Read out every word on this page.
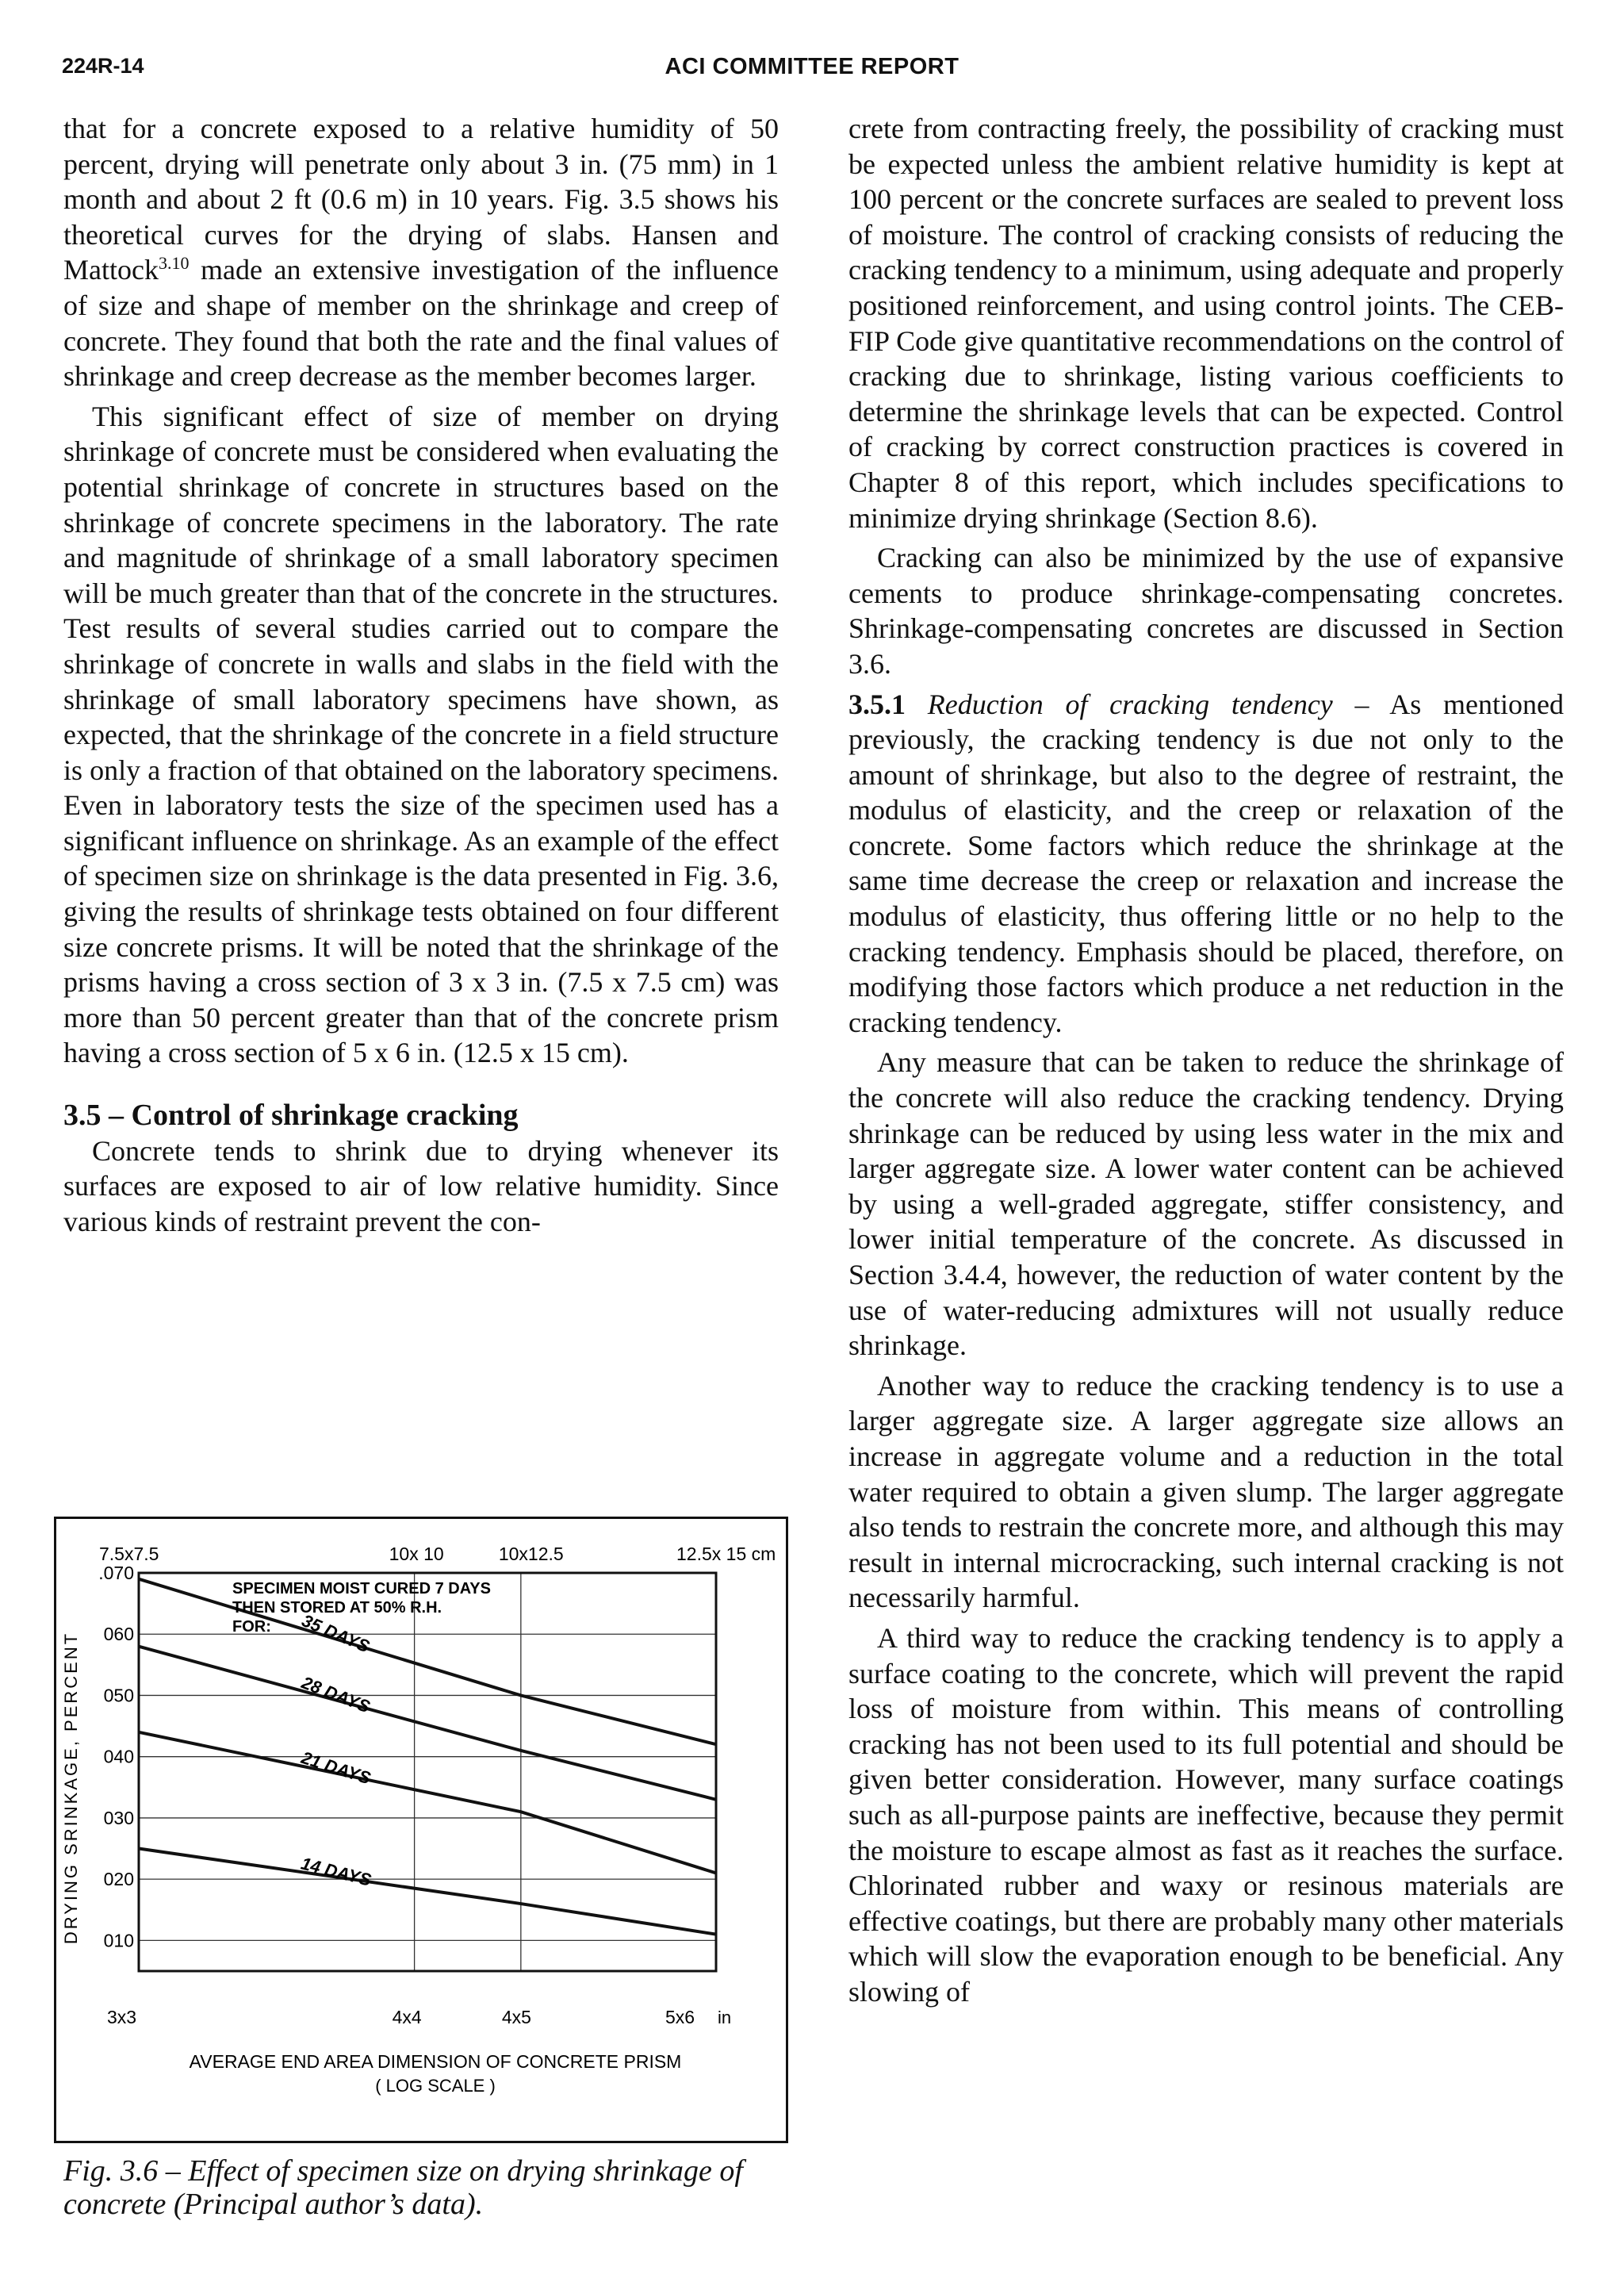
224R-14	ACI COMMITTEE REPORT

that for a concrete exposed to a relative humidity of 50 percent, drying will penetrate only about 3 in. (75 mm) in 1 month and about 2 ft (0.6 m) in 10 years. Fig. 3.5 shows his theoretical curves for the drying of slabs. Hansen and Mattock$^{3.10}$ made an extensive investigation of the influence of size and shape of member on the shrinkage and creep of concrete. They found that both the rate and the final values of shrinkage and creep decrease as the member becomes larger.

This significant effect of size of member on drying shrinkage of concrete must be considered when evaluating the potential shrinkage of concrete in structures based on the shrinkage of concrete specimens in the laboratory. The rate and magnitude of shrinkage of a small laboratory specimen will be much greater than that of the concrete in the structures. Test results of several studies carried out to compare the shrinkage of concrete in walls and slabs in the field with the shrinkage of small laboratory specimens have shown, as expected, that the shrinkage of the concrete in a field structure is only a fraction of that obtained on the laboratory specimens. Even in laboratory tests the size of the specimen used has a significant influence on shrinkage. As an example of the effect of specimen size on shrinkage is the data presented in Fig. 3.6, giving the results of shrinkage tests obtained on four different size concrete prisms. It will be noted that the shrinkage of the prisms having a cross section of 3 x 3 in. (7.5 x 7.5 cm) was more than 50 percent greater than that of the concrete prism having a cross section of 5 x 6 in. (12.5 x 15 cm).

3.5 – Control of shrinkage cracking

Concrete tends to shrink due to drying whenever its surfaces are exposed to air of low relative humidity. Since various kinds of restraint prevent the con-

crete from contracting freely, the possibility of cracking must be expected unless the ambient relative humidity is kept at 100 percent or the concrete surfaces are sealed to prevent loss of moisture. The control of cracking consists of reducing the cracking tendency to a minimum, using adequate and properly positioned reinforcement, and using control joints. The CEB-FIP Code give quantitative recommendations on the control of cracking due to shrinkage, listing various coefficients to determine the shrinkage levels that can be expected. Control of cracking by correct construction practices is covered in Chapter 8 of this report, which includes specifications to minimize drying shrinkage (Section 8.6).

Cracking can also be minimized by the use of expansive cements to produce shrinkage-compensating concretes. Shrinkage-compensating concretes are discussed in Section 3.6.

3.5.1 Reduction of cracking tendency – As mentioned previously, the cracking tendency is due not only to the amount of shrinkage, but also to the degree of restraint, the modulus of elasticity, and the creep or relaxation of the concrete. Some factors which reduce the shrinkage at the same time decrease the creep or relaxation and increase the modulus of elasticity, thus offering little or no help to the cracking tendency. Emphasis should be placed, therefore, on modifying those factors which produce a net reduction in the cracking tendency.

Any measure that can be taken to reduce the shrinkage of the concrete will also reduce the cracking tendency. Drying shrinkage can be reduced by using less water in the mix and larger aggregate size. A lower water content can be achieved by using a well-graded aggregate, stiffer consistency, and lower initial temperature of the concrete. As discussed in Section 3.4.4, however, the reduction of water content by the use of water-reducing admixtures will not usually reduce shrinkage.

Another way to reduce the cracking tendency is to use a larger aggregate size. A larger aggregate size allows an increase in aggregate volume and a reduction in the total water required to obtain a given slump. The larger aggregate also tends to restrain the concrete more, and although this may result in internal microcracking, such internal cracking is not necessarily harmful.

A third way to reduce the cracking tendency is to apply a surface coating to the concrete, which will prevent the rapid loss of moisture from within. This means of controlling cracking has not been used to its full potential and should be given better consideration. However, many surface coatings such as all-purpose paints are ineffective, because they permit the moisture to escape almost as fast as it reaches the surface. Chlorinated rubber and waxy or resinous materials are effective coatings, but there are probably many other materials which will slow the evaporation enough to be beneficial. Any slowing of

.070
060
050
040
030
020
010
7.5x7.5	10x 10	10x12.5	12.5x 15 cm
3x3	4x4	4x5	5x6
35 DAYS
28 DAYS
21 DAYS
14 DAYS
SPECIMEN MOIST CURED 7 DAYS
THEN STORED AT 50% R.H.
FOR:
DRYING SRINKAGE, PERCENT
AVERAGE END AREA DIMENSION OF CONCRETE PRISM
( LOG SCALE )
in
Fig. 3.6 – Effect of specimen size on drying shrinkage of concrete (Principal author’s data).
